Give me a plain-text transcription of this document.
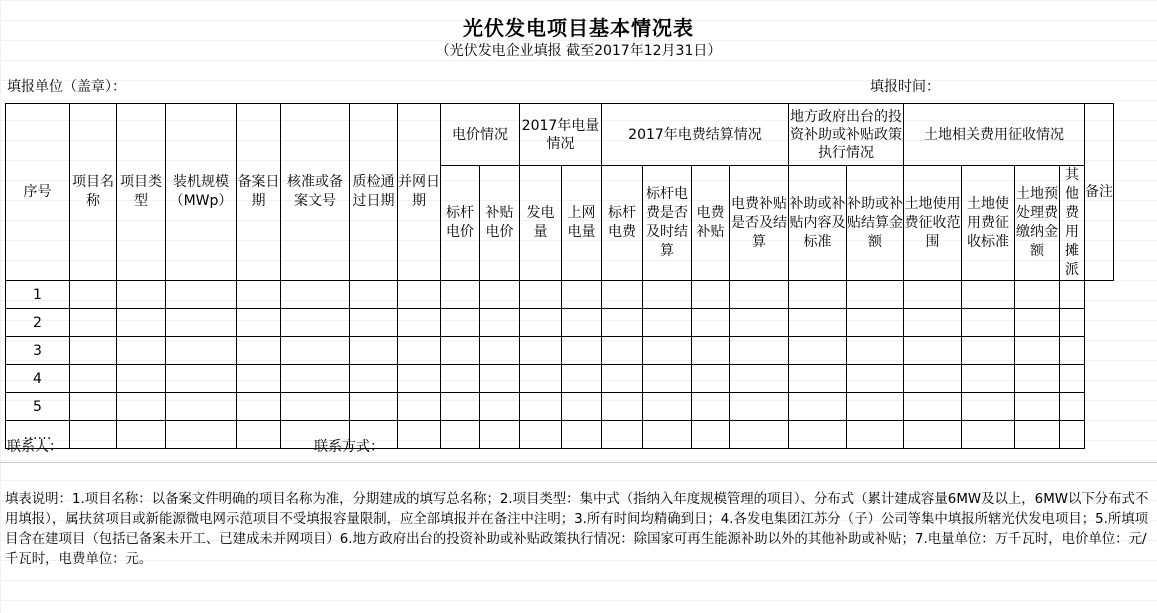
光伏发电项目基本情况表
（光伏发电企业填报 截至2017年12月31日）
填报单位（盖章）：	填报时间：
序号	项目名称	项目类型	装机规模（MWp）	备案日期	核准或备案文号	质检通过日期	并网日期	电价情况		2017年电量情况		2017年电费结算情况				地方政府出台的投资补助或补贴政策执行情况		土地相关费用征收情况				备注
								标杆电价	补贴电价	发电量	上网电量	标杆电费	标杆电费是否及时结算	电费补贴	电费补贴是否及结算	补助或补贴内容及标准	补助或补贴结算金额	土地使用费征收范围	土地使用费征收标准	土地预处理费缴纳金额	其他费用摊派	
1																						
2																						
3																						
4																						
5																						
……																						
联系人：	联系方式：
填表说明：1.项目名称：以备案文件明确的项目名称为准，分期建成的填写总名称；2.项目类型：集中式（指纳入年度规模管理的项目）、分布式（累计建成容量6MW及以上，6MW以下分布式不用填报），属扶贫项目或新能源微电网示范项目不受填报容量限制，应全部填报并在备注中注明；3.所有时间均精确到日；4.各发电集团江苏分（子）公司等集中填报所辖光伏发电项目；5.所填项目含在建项目（包括已备案未开工、已建成未并网项目）6.地方政府出台的投资补助或补贴政策执行情况：除国家可再生能源补助以外的其他补助或补贴；7.电量单位：万千瓦时，电价单位：元/千瓦时，电费单位：元。
